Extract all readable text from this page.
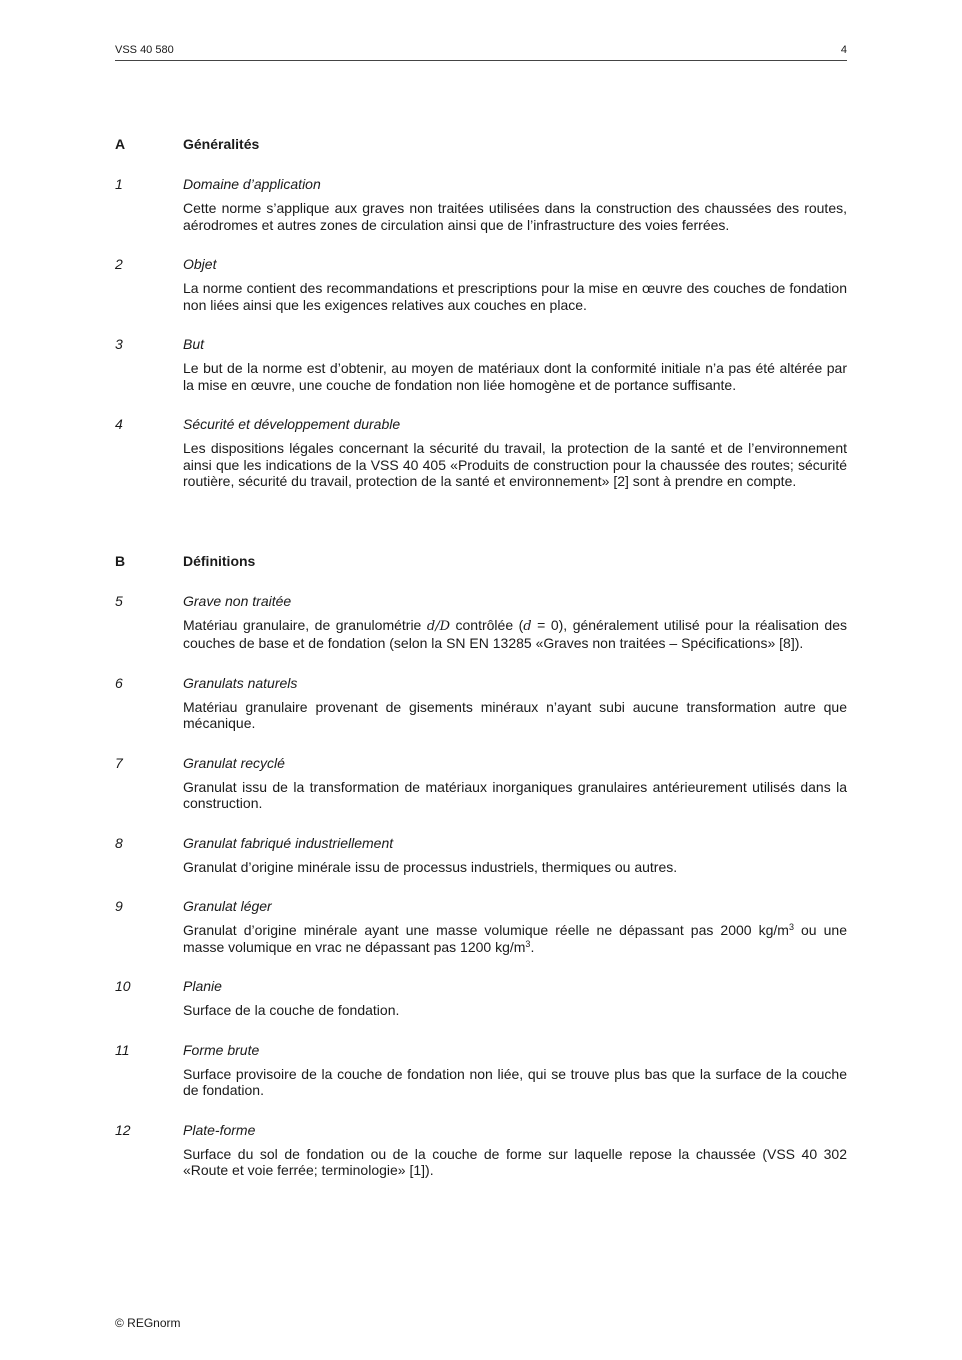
VSS 40 580	4
A	Généralités
1	Domaine d’application
Cette norme s’applique aux graves non traitées utilisées dans la construction des chaussées des routes, aérodromes et autres zones de circulation ainsi que de l’infrastructure des voies ferrées.
2	Objet
La norme contient des recommandations et prescriptions pour la mise en œuvre des couches de fondation non liées ainsi que les exigences relatives aux couches en place.
3	But
Le but de la norme est d’obtenir, au moyen de matériaux dont la conformité initiale n’a pas été altérée par la mise en œuvre, une couche de fondation non liée homogène et de portance suffisante.
4	Sécurité et développement durable
Les dispositions légales concernant la sécurité du travail, la protection de la santé et de l’environnement ainsi que les indications de la VSS 40 405 «Produits de construction pour la chaussée des routes; sécurité routière, sécurité du travail, protection de la santé et environnement» [2] sont à prendre en compte.
B	Définitions
5	Grave non traitée
Matériau granulaire, de granulométrie d/D contrôlée (d = 0), généralement utilisé pour la réalisation des couches de base et de fondation (selon la SN EN 13285 «Graves non traitées – Spécifications» [8]).
6	Granulats naturels
Matériau granulaire provenant de gisements minéraux n’ayant subi aucune transformation autre que mécanique.
7	Granulat recyclé
Granulat issu de la transformation de matériaux inorganiques granulaires antérieurement utilisés dans la construction.
8	Granulat fabriqué industriellement
Granulat d’origine minérale issu de processus industriels, thermiques ou autres.
9	Granulat léger
Granulat d’origine minérale ayant une masse volumique réelle ne dépassant pas 2000 $kg/m^3$ ou une masse volumique en vrac ne dépassant pas 1200 $kg/m^3$.
10	Planie
Surface de la couche de fondation.
11	Forme brute
Surface provisoire de la couche de fondation non liée, qui se trouve plus bas que la surface de la couche de fondation.
12	Plate-forme
Surface du sol de fondation ou de la couche de forme sur laquelle repose la chaussée (VSS 40 302 «Route et voie ferrée; terminologie» [1]).
© REGnorm
